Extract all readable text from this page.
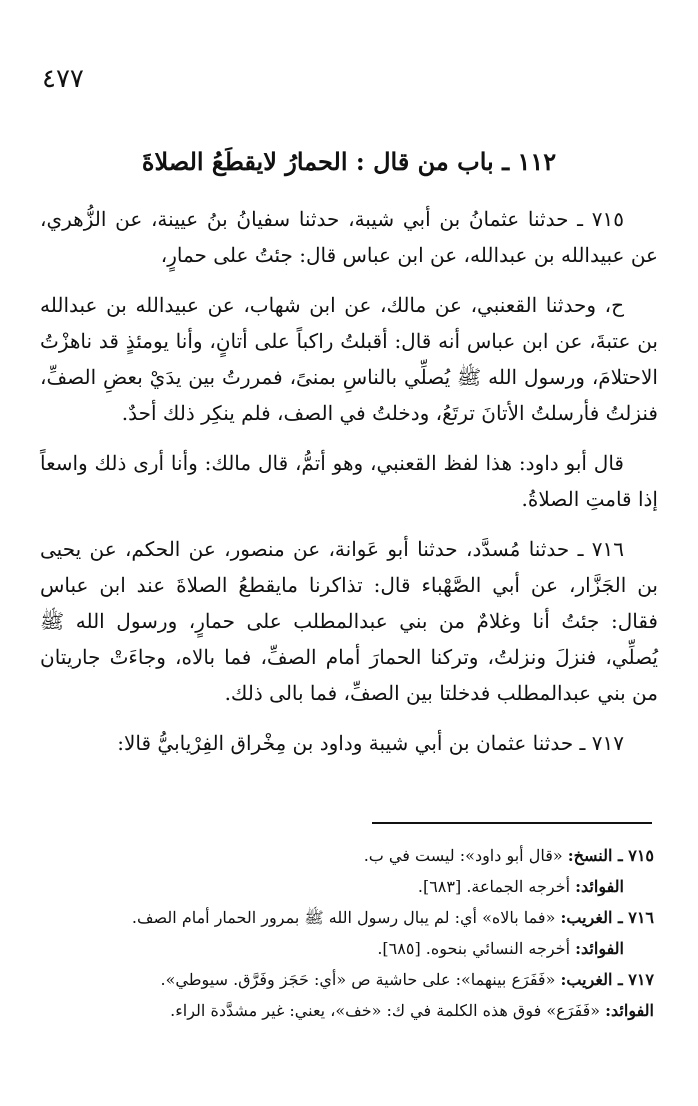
٤٧٧
١١٢ ـ باب من قال : الحمارُ لايقطَعُ الصلاةَ

٧١٥ ـ حدثنا عثمانُ بن أبي شيبة، حدثنا سفيانُ بنُ عيينة، عن الزُّهري، عن عبيدالله بن عبدالله، عن ابن عباس قال: جئتُ على حمارٍ،

ح، وحدثنا القعنبي، عن مالك، عن ابن شهاب، عن عبيدالله بن عبدالله بن عتبةَ، عن ابن عباس أنه قال: أقبلتُ راكباً على أتانٍ، وأنا يومئذٍ قد ناهزْتُ الاحتلامَ، ورسول الله ﷺ يُصلِّي بالناسِ بمنىً، فمررتُ بين يدَيْ بعضِ الصفِّ، فنزلتُ فأرسلتُ الأتانَ ترتَعُ، ودخلتُ في الصف، فلم ينكِر ذلك أحدٌ.

قال أبو داود: هذا لفظ القعنبي، وهو أتمُّ، قال مالك: وأنا أرى ذلك واسعاً إذا قامتِ الصلاةُ.

٧١٦ ـ حدثنا مُسدَّد، حدثنا أبو عَوانة، عن منصور، عن الحكم، عن يحيى بن الجَزَّار، عن أبي الصَّهْباء قال: تذاكرنا مايقطعُ الصلاةَ عند ابن عباس فقال: جئتُ أنا وغلامٌ من بني عبدالمطلب على حمارٍ، ورسول الله ﷺ يُصلِّي، فنزلَ ونزلتُ، وتركنا الحمارَ أمام الصفِّ، فما بالاه، وجاءَتْ جاريتان من بني عبدالمطلب فدخلتا بين الصفِّ، فما بالى ذلك.

٧١٧ ـ حدثنا عثمان بن أبي شيبة وداود بن مِخْراق الفِرْيابيُّ قالا:

٧١٥ ـ النسخ: «قال أبو داود»: ليست في ب.
الفوائد: أخرجه الجماعة. [٦٨٣].
٧١٦ ـ الغريب: «فما بالاه» أي: لم يبال رسول الله ﷺ بمرور الحمار أمام الصف.
الفوائد: أخرجه النسائي بنحوه. [٦٨٥].
٧١٧ ـ الغريب: «فَفَرَع بينهما»: على حاشية ص «أي: حَجَز وفَرَّق. سيوطي».
الفوائد: «فَفَرَع» فوق هذه الكلمة في ك: «خف»، يعني: غير مشدَّدة الراء.
